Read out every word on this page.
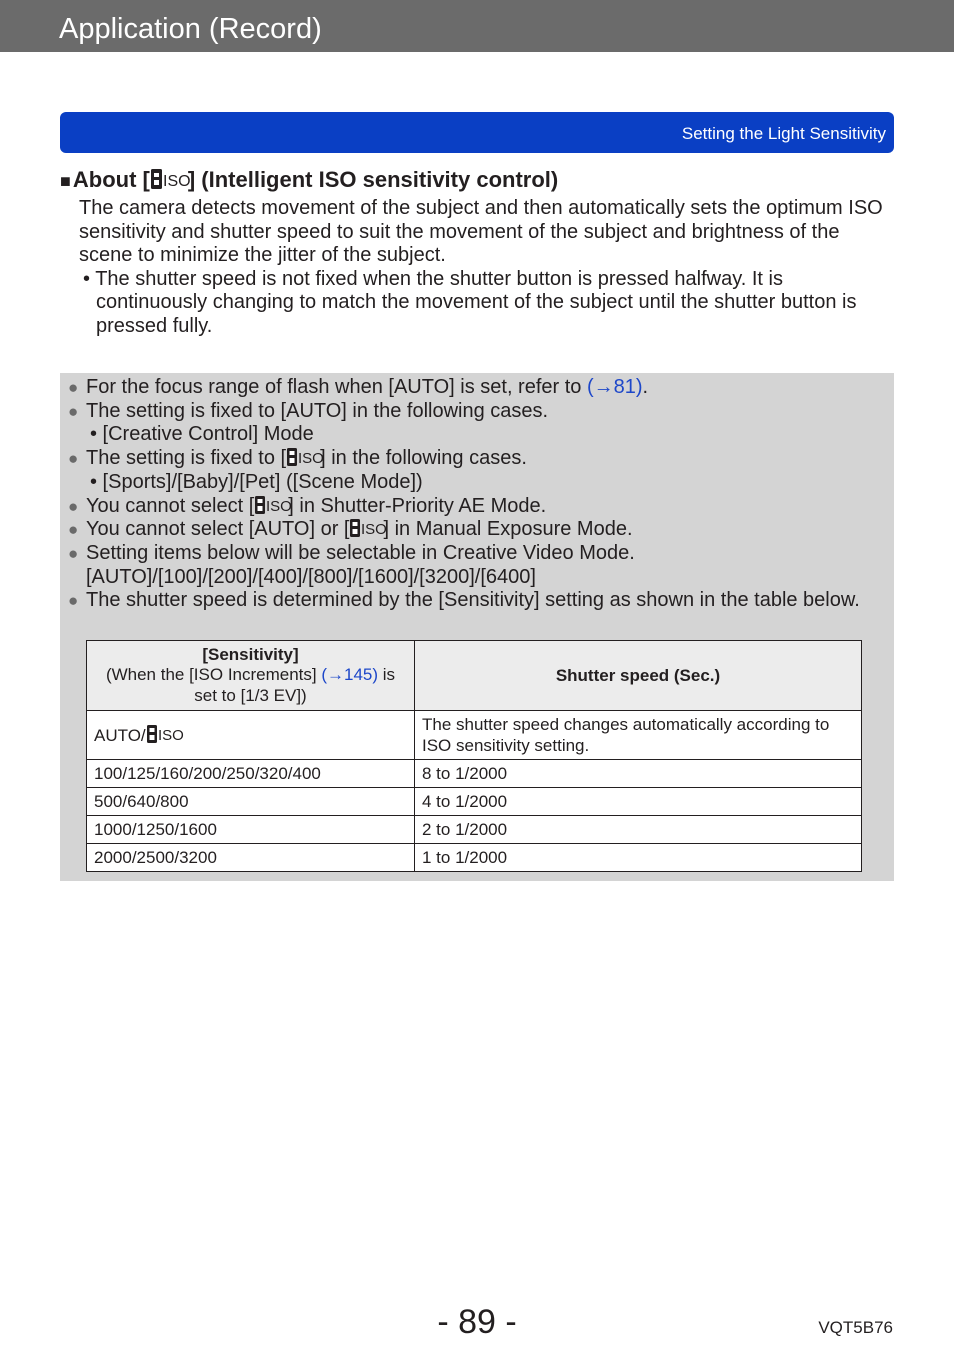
Application (Record)
Setting the Light Sensitivity
■About [ ISO
] (Intelligent ISO sensitivity control)

The camera detects movement of the subject and then automatically sets the optimum ISO sensitivity and shutter speed to suit the movement of the subject and brightness of the scene to minimize the jitter of the subject.

• The shutter speed is not fixed when the shutter button is pressed halfway. It is continuously changing to match the movement of the subject until the shutter button is pressed fully.

● For the focus range of flash when [AUTO] is set, refer to (→81).
● The setting is fixed to [AUTO] in the following cases.
• [Creative Control] Mode
● The setting is fixed to [ ISO
] in the following cases.
• [Sports]/[Baby]/[Pet] ([Scene Mode])
● You cannot select [ ISO
] in Shutter-Priority AE Mode.
● You cannot select [AUTO] or [ ISO
] in Manual Exposure Mode.
● Setting items below will be selectable in Creative Video Mode.
[AUTO]/[100]/[200]/[400]/[800]/[1600]/[3200]/[6400]
● The shutter speed is determined by the [Sensitivity] setting as shown in the table below.
[Sensitivity]
(When the [ISO Increments] (→145) is set to [1/3 EV])	Shutter speed (Sec.)
AUTO/ ISO	The shutter speed changes automatically according to ISO sensitivity setting.
100/125/160/200/250/320/400	8 to 1/2000
500/640/800	4 to 1/2000
1000/1250/1600	2 to 1/2000
2000/2500/3200	1 to 1/2000
- 89 -	VQT5B76
